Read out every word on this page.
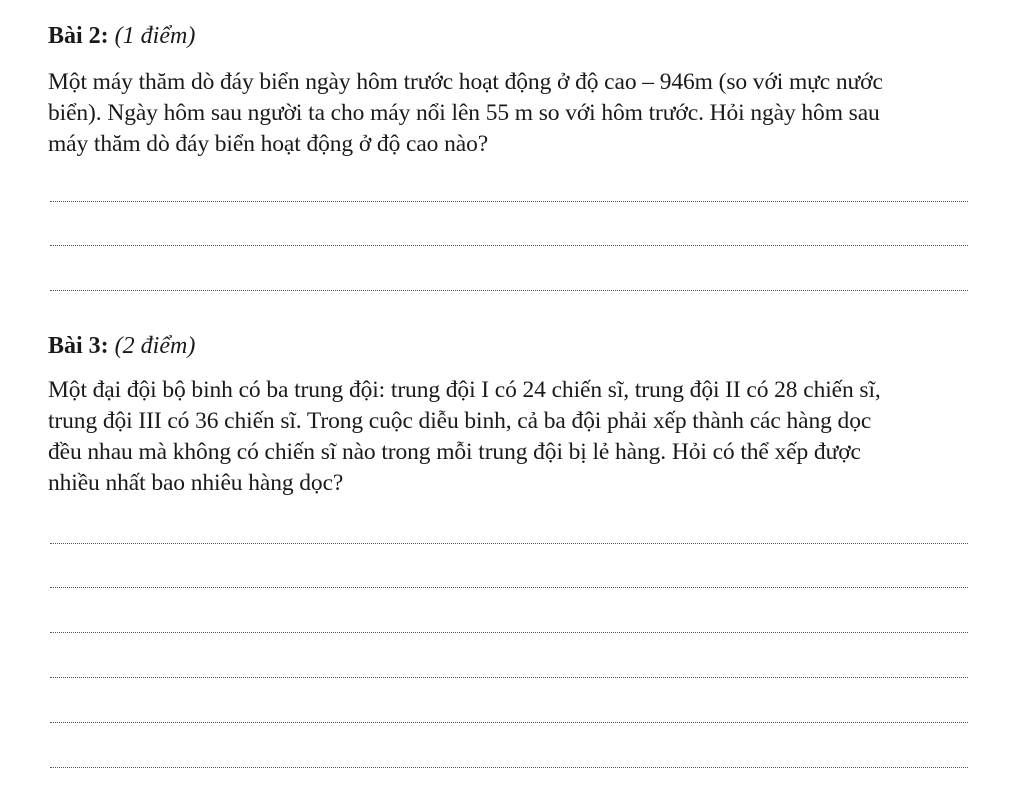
Bài 2: (1 điểm)
Một máy thăm dò đáy biển ngày hôm trước hoạt động ở độ cao – 946m (so với mực nước
biển). Ngày hôm sau người ta cho máy nổi lên 55 m so với hôm trước. Hỏi ngày hôm sau
máy thăm dò đáy biển hoạt động ở độ cao nào?
Bài 3: (2 điểm)
Một đại đội bộ binh có ba trung đội: trung đội I có 24 chiến sĩ, trung đội II có 28 chiến sĩ,
trung đội III có 36 chiến sĩ. Trong cuộc diễu binh, cả ba đội phải xếp thành các hàng dọc
đều nhau mà không có chiến sĩ nào trong mỗi trung đội bị lẻ hàng. Hỏi có thể xếp được
nhiều nhất bao nhiêu hàng dọc?
